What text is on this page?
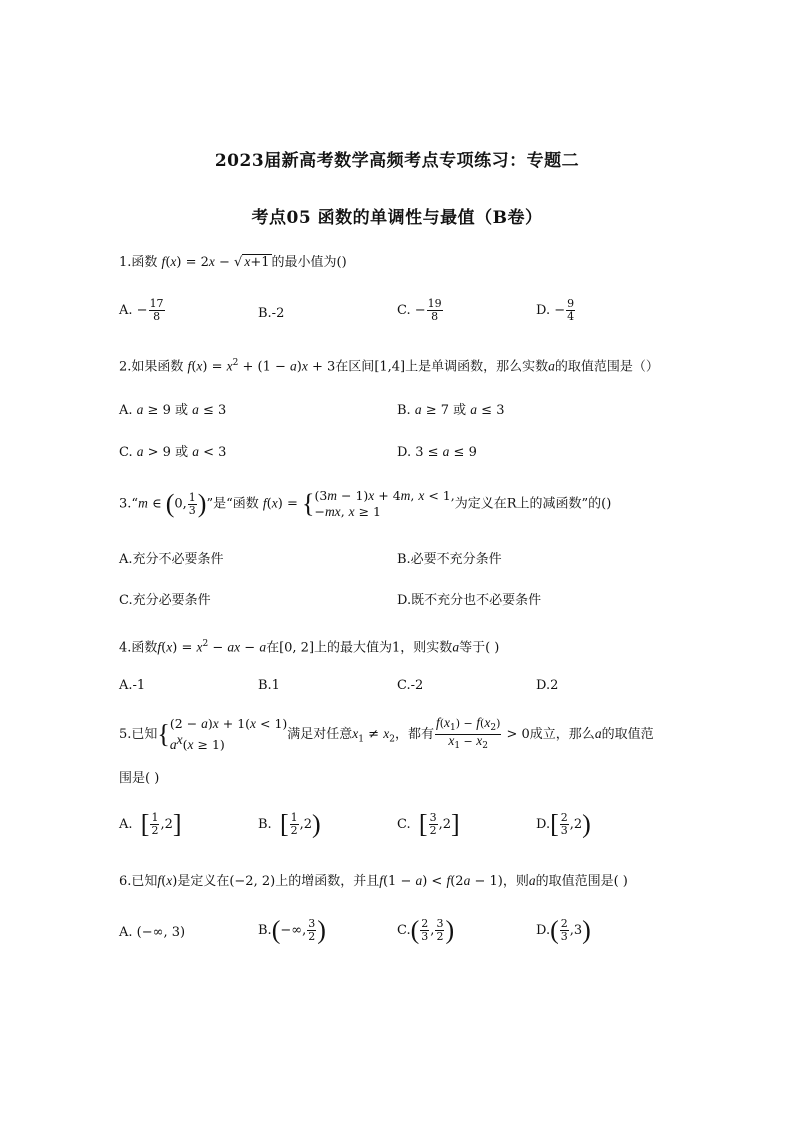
2023届新高考数学高频考点专项练习：专题二
考点05 函数的单调性与最值（B卷）
1.函数 f(x) = 2x − √ x+1 的最小值为()
A. − $\frac{17}{8}$	B.-2	C. − $\frac{19}{8}$	D. − $\frac{9}{4}$
2.如果函数 $f(x) = x^2 + (1 - a)x + 3$在区间[1,4]上是单调函数，那么实数a的取值范围是（）
A. a ≥ 9 或 a ≤ 3	B. a ≥ 7 或 a ≤ 3
C. a > 9 或 a < 3	D. 3 ≤ a ≤ 9
3.“m ∈ (0, $\frac{1}{3}$ )”是“函数 f(x) = { (3m − 1)x + 4m, x < 1,
−mx, x ≥ 1	为定义在R上的减函数”的()
A.充分不必要条件	B.必要不充分条件
C.充分必要条件	D.既不充分也不必要条件
4.函数$f(x) = x^2$ − ax − a在[0, 2]上的最大值为1，则实数a等于( )
A.-1	B.1	C.-2	D.2
5.已知{ (2 − a)x + 1(x < 1)
$a^x(x \ge 1)$
满足对任意$x_1 \ne x_2$，都有 $\frac{f(x_1) - f(x_2)}{x_1 - x_2} > 0$成立，那么a的取值范
围是( )
A. [ $\frac{1}{2} ,2$]	B. [ $\frac{1}{2} ,2$)	C. [ $\frac{3}{2} ,2$]	$D.[ \frac{2}{3} ,2)$
6.已知f(x)是定义在(−2, 2)上的增函数，并且f(1 − a) < f(2a − 1)，则a的取值范围是( )
A. (−∞, 3)	B.(−∞, $\frac{3}{2}$ )	$C.( \frac{2}{3}$ , $\frac{3}{2}$ )	$D.( \frac{2}{3} ,3)$
